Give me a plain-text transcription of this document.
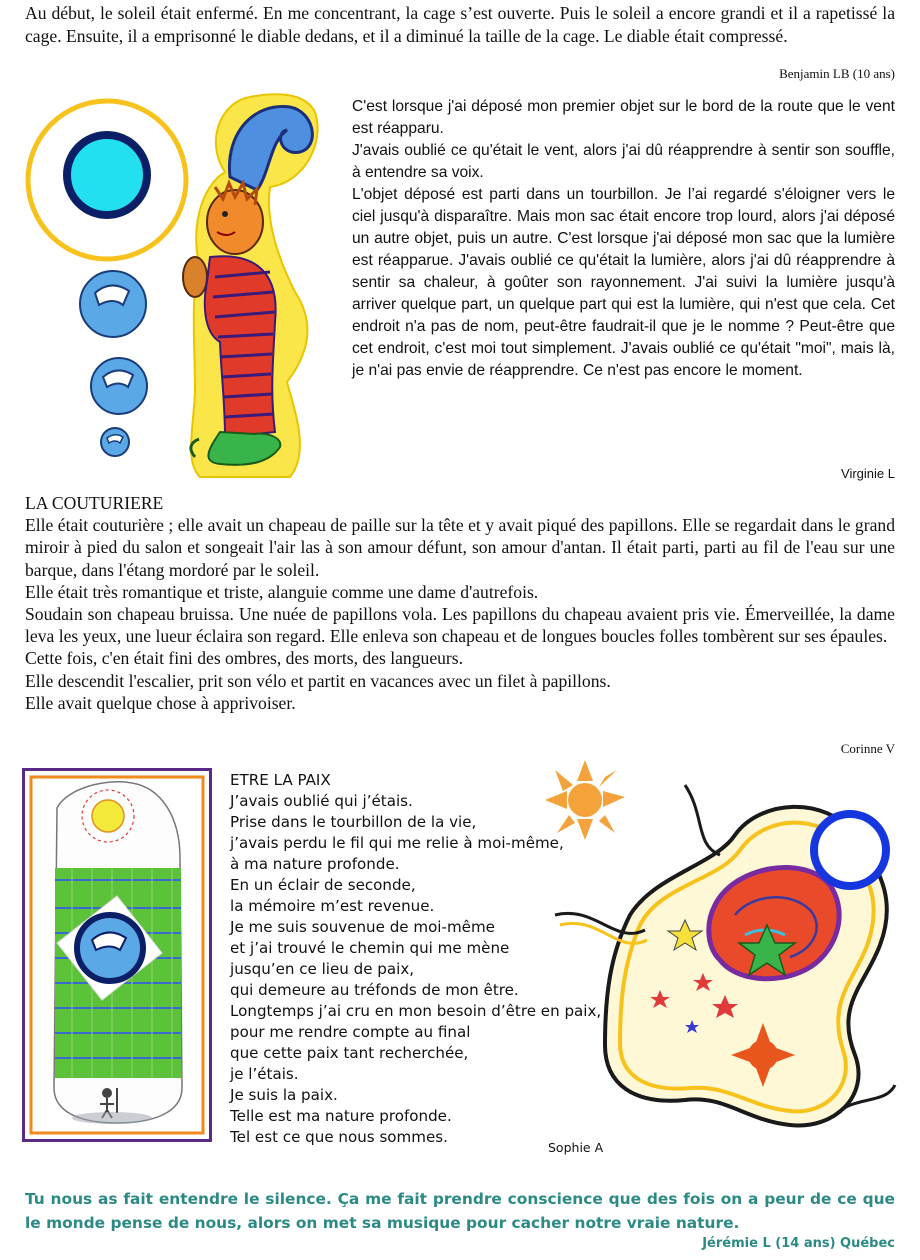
Au début, le soleil était enfermé. En me concentrant, la cage s’est ouverte. Puis le soleil a encore grandi et il a rapetissé la cage. Ensuite, il a emprisonné le diable dedans, et il a diminué la taille de la cage. Le diable était compressé.
Benjamin LB (10 ans)

C'est lorsque j'ai déposé mon premier objet sur le bord de la route que le vent est réapparu.

J'avais oublié ce qu'était le vent, alors j'ai dû réapprendre à sentir son souffle, à entendre sa voix.

L'objet déposé est parti dans un tourbillon. Je l’ai regardé s'éloigner vers le ciel jusqu'à disparaître. Mais mon sac était encore trop lourd, alors j'ai déposé un autre objet, puis un autre. C'est lorsque j'ai déposé mon sac que la lumière est réapparue. J'avais oublié ce qu'était la lumière, alors j'ai dû réapprendre à sentir sa chaleur, à goûter son rayonnement. J'ai suivi la lumière jusqu'à arriver quelque part, un quelque part qui est la lumière, qui n'est que cela. Cet endroit n'a pas de nom, peut-être faudrait-il que je le nomme ? Peut-être que cet endroit, c'est moi tout simplement. J'avais oublié ce qu'était "moi", mais là, je n'ai pas envie de réapprendre. Ce n'est pas encore le moment.

Virginie L

LA COUTURIERE

Elle était couturière ; elle avait un chapeau de paille sur la tête et y avait piqué des papillons. Elle se regardait dans le grand miroir à pied du salon et songeait l'air las à son amour défunt, son amour d'antan. Il était parti, parti au fil de l'eau sur une barque, dans l'étang mordoré par le soleil.

Elle était très romantique et triste, alanguie comme une dame d'autrefois.

Soudain son chapeau bruissa. Une nuée de papillons vola. Les papillons du chapeau avaient pris vie. Émerveillée, la dame leva les yeux, une lueur éclaira son regard. Elle enleva son chapeau et de longues boucles folles tombèrent sur ses épaules.

Cette fois, c'en était fini des ombres, des morts, des langueurs.

Elle descendit l'escalier, prit son vélo et partit en vacances avec un filet à papillons.

Elle avait quelque chose à apprivoiser.

Corinne V
ETRE LA PAIX
J’avais oublié qui j’étais.
Prise dans le tourbillon de la vie,
j’avais perdu le fil qui me relie à moi-même,
à ma nature profonde.
En un éclair de seconde,
la mémoire m’est revenue.
Je me suis souvenue de moi-même
et j’ai trouvé le chemin qui me mène
jusqu’en ce lieu de paix,
qui demeure au tréfonds de mon être.
Longtemps j’ai cru en mon besoin d’être en paix,
pour me rendre compte au final
que cette paix tant recherchée,
je l’étais.
Je suis la paix.
Telle est ma nature profonde.
Tel est ce que nous sommes.
Sophie A
Tu nous as fait entendre le silence. Ça me fait prendre conscience que des fois on a peur de ce que le monde pense de nous, alors on met sa musique pour cacher notre vraie nature.
Jérémie L (14 ans) Québec
